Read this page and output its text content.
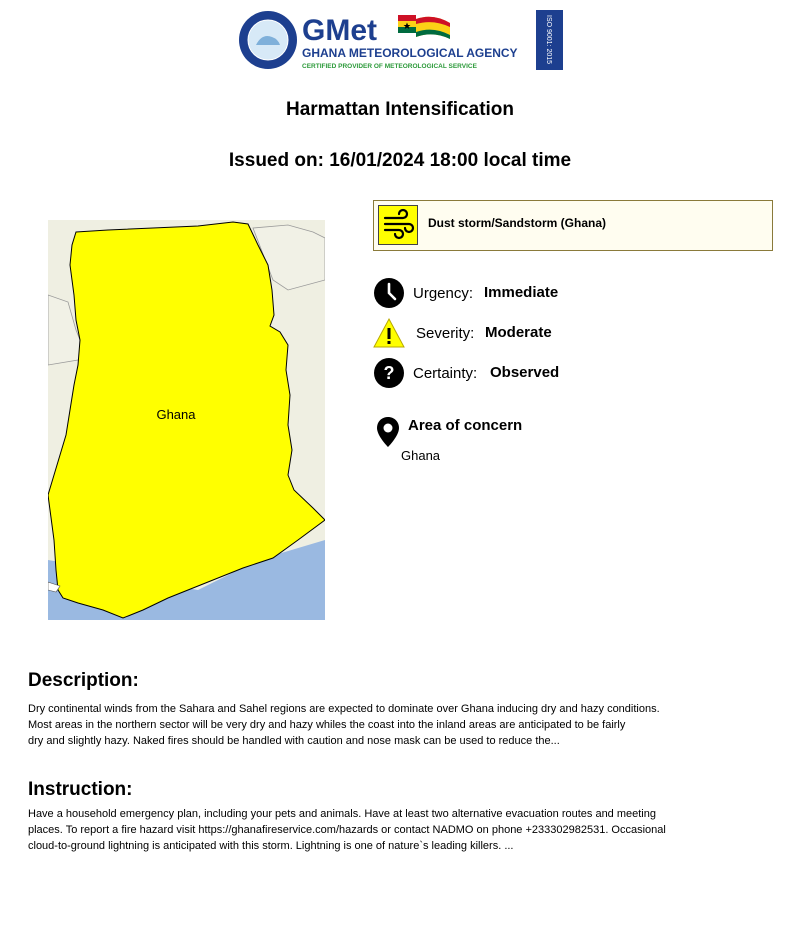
GMet
GHANA METEOROLOGICAL AGENCY
CERTIFIED PROVIDER OF METEOROLOGICAL SERVICE
ISO 9001: 2015
Harmattan Intensification
Issued on: 16/01/2024 18:00 local time
Ghana
Dust storm/Sandstorm (Ghana)
Urgency: Immediate
Severity: Moderate
? Certainty: Observed
Area of concern
Ghana
Description:
Dry continental winds from the Sahara and Sahel regions are expected to dominate over Ghana inducing dry and hazy conditions.
Most areas in the northern sector will be very dry and hazy whiles the coast into the inland areas are anticipated to be fairly
dry and slightly hazy. Naked fires should be handled with caution and nose mask can be used to reduce the...
Instruction:
Have a household emergency plan, including your pets and animals. Have at least two alternative evacuation routes and meeting
places. To report a fire hazard visit https://ghanafireservice.com/hazards or contact NADMO on phone +233302982531. Occasional
cloud-to-ground lightning is anticipated with this storm. Lightning is one of nature`s leading killers. ...
